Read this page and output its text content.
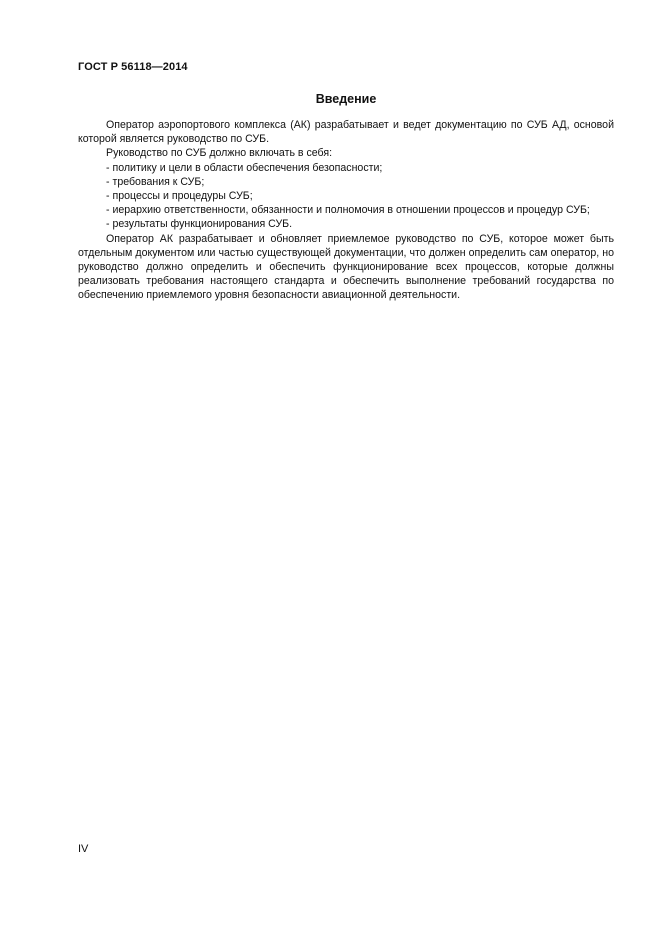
ГОСТ Р 56118—2014
Введение

Оператор аэропортового комплекса (АК) разрабатывает и ведет документацию по СУБ АД, основой которой является руководство по СУБ.

Руководство по СУБ должно включать в себя:

- политику и цели в области обеспечения безопасности;

- требования к СУБ;

- процессы и процедуры СУБ;

- иерархию ответственности, обязанности и полномочия в отношении процессов и процедур СУБ;

- результаты функционирования СУБ.

Оператор АК разрабатывает и обновляет приемлемое руководство по СУБ, которое может быть отдельным документом или частью существующей документации, что должен определить сам оператор, но руководство должно определить и обеспечить функционирование всех процессов, которые должны реализовать требования настоящего стандарта и обеспечить выполнение требований государства по обеспечению приемлемого уровня безопасности авиационной деятельности.

IV
